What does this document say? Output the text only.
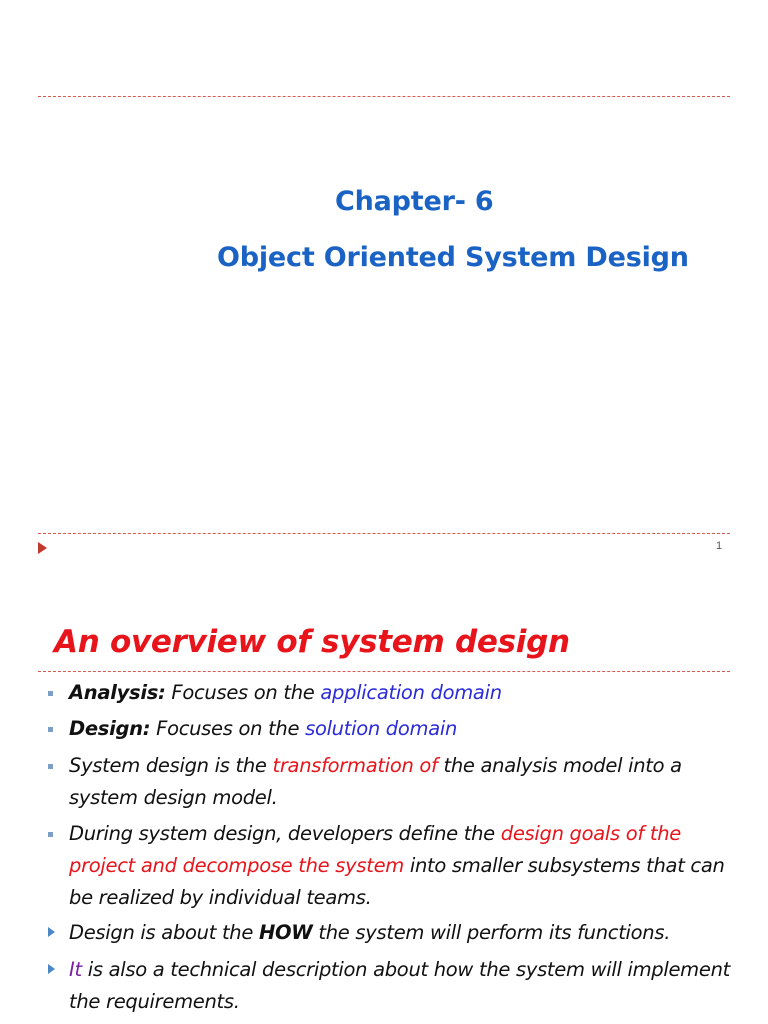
Chapter- 6
Object Oriented System Design
1
An overview of system design
Analysis: Focuses on the application domain
Design: Focuses on the solution domain
System design is the transformation of the analysis model into a system design model.
During system design, developers define the design goals of the project and decompose the system into smaller subsystems that can be realized by individual teams.
Design is about the HOW the system will perform its functions.
It is also a technical description about how the system will implement the requirements.
